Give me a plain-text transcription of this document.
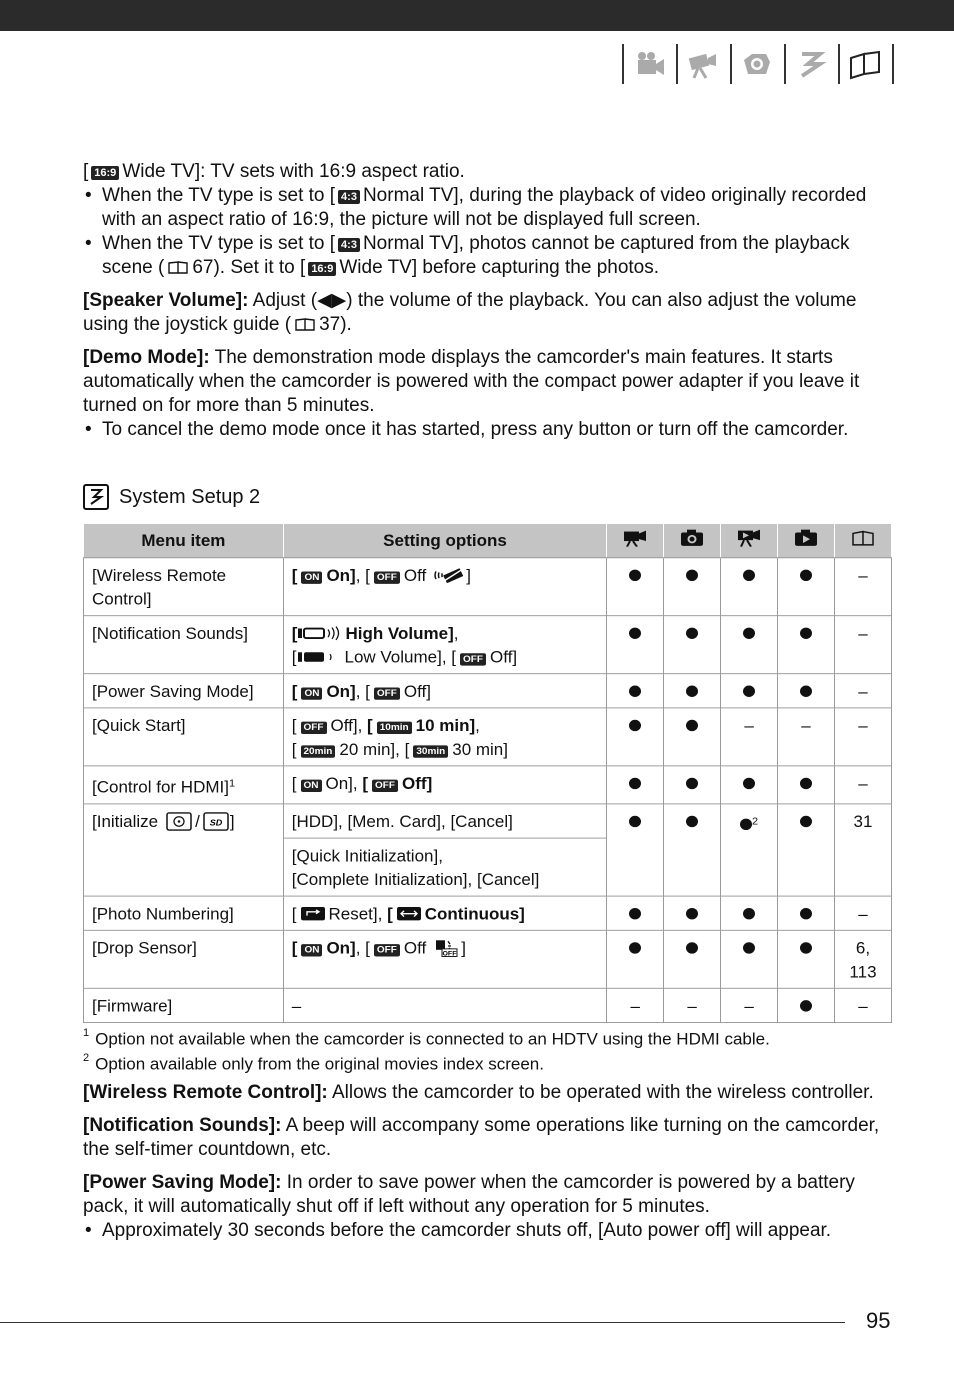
[ 16:9 Wide TV]: TV sets with 16:9 aspect ratio.

• When the TV type is set to [ 4:3 Normal TV], during the playback of video originally recorded with an aspect ratio of 16:9, the picture will not be displayed full screen.

• When the TV type is set to [ 4:3 Normal TV], photos cannot be captured from the playback scene ( 67). Set it to [ 16:9 Wide TV] before capturing the photos.

[Speaker Volume]: Adjust (◀▶) the volume of the playback. You can also adjust the volume using the joystick guide ( 37).

[Demo Mode]: The demonstration mode displays the camcorder's main features. It starts automatically when the camcorder is powered with the compact power adapter if you leave it turned on for more than 5 minutes.

• To cancel the demo mode once it has started, press any button or turn off the camcorder.

System Setup 2
Menu item	Setting options					
[Wireless Remote Control]	[ ON On], [ OFF Off ]					–
[Notification Sounds]	[ High Volume],
[ Low Volume], [ OFF Off]					–
[Power Saving Mode]	[ ON On], [ OFF Off]					–
[Quick Start]	[ OFF Off], [ 10min 10 min],
[ 20min 20 min], [ 30min 30 min]			–	–	–
[Control for HDMI]$^1$	[ ON On], [ OFF Off]					–
[Initialize / SD ]	[HDD], [Mem. Card], [Cancel]			$^2$		31

	[Quick Initialization],
[Complete Initialization], [Cancel]					

[Photo Numbering]	[ Reset], [ Continuous]					–
[Drop Sensor]	[ ON On], [ OFF Off OFF ]					6, 113
[Firmware]	–	–	–	–		–
$^1$ Option not available when the camcorder is connected to an HDTV using the HDMI cable.
$^2$ Option available only from the original movies index screen.

[Wireless Remote Control]: Allows the camcorder to be operated with the wireless controller.

[Notification Sounds]: A beep will accompany some operations like turning on the camcorder, the self-timer countdown, etc.

[Power Saving Mode]: In order to save power when the camcorder is powered by a battery pack, it will automatically shut off if left without any operation for 5 minutes.

• Approximately 30 seconds before the camcorder shuts off, [Auto power off] will appear.

95
